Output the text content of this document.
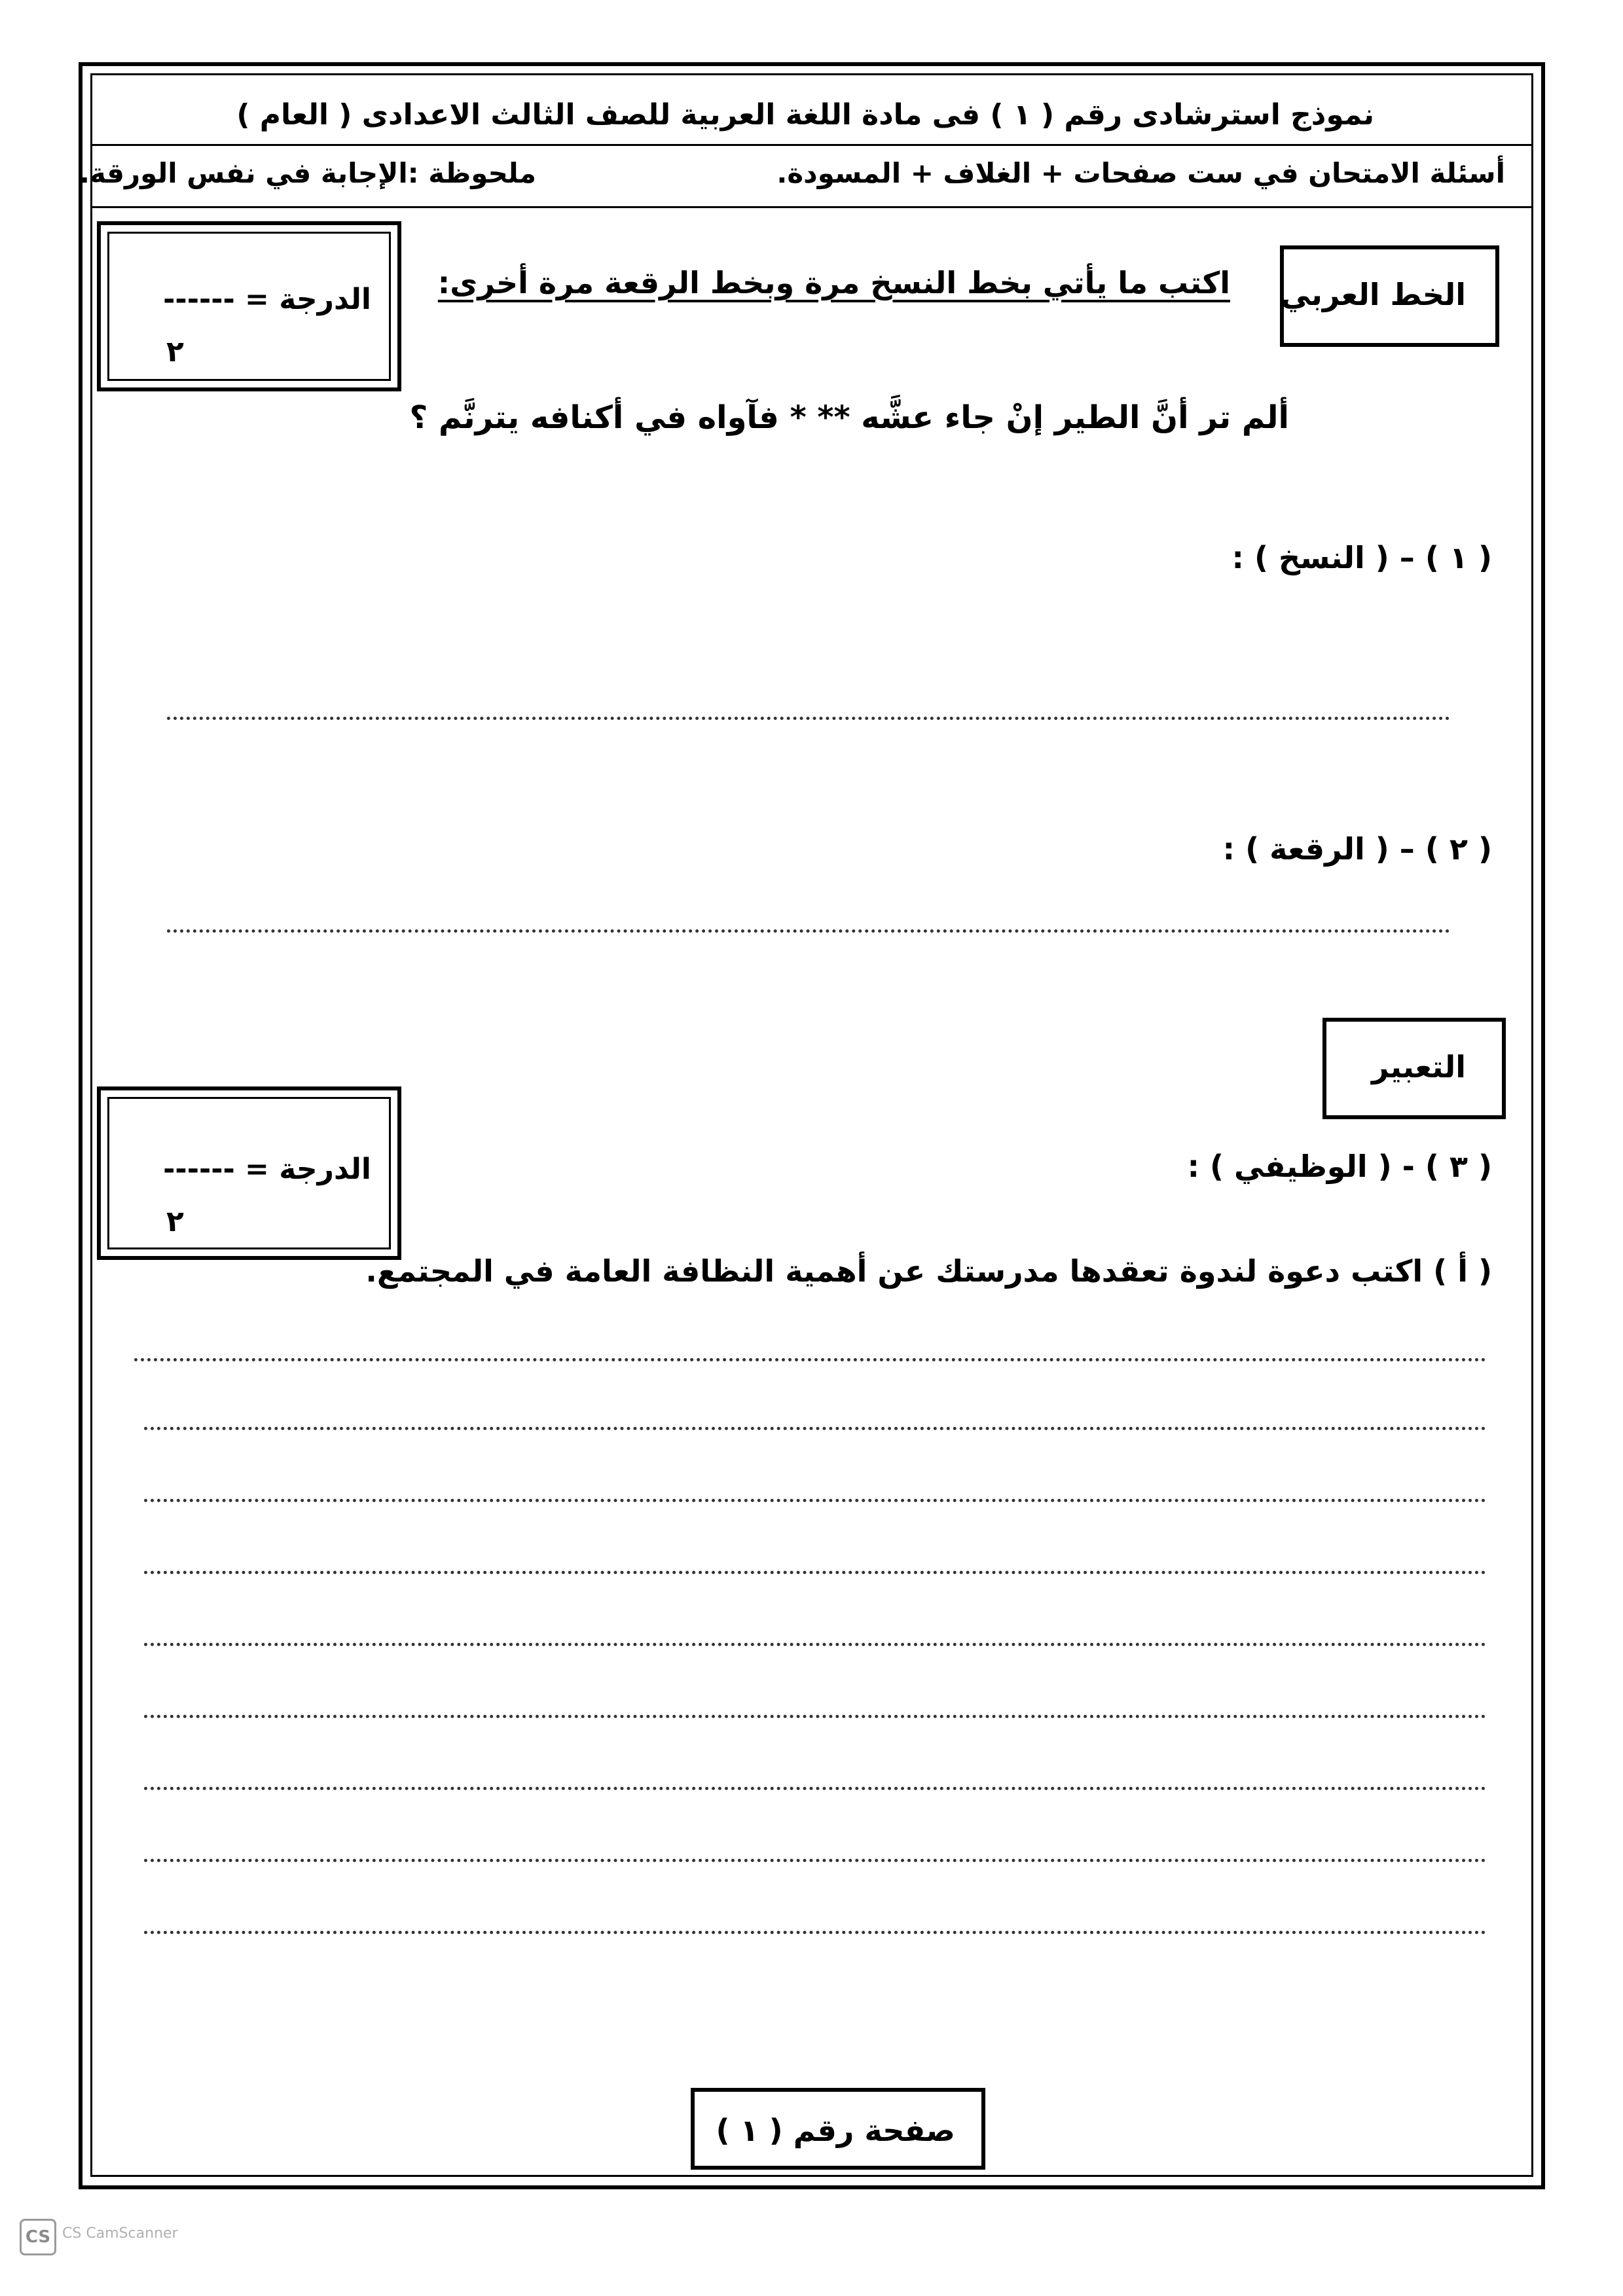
نموذج استرشادى رقم ( ١ ) فى مادة اللغة العربية للصف الثالث الاعدادى ( العام )
أسئلة الامتحان في ست صفحات + الغلاف + المسودة.
ملحوظة :الإجابة في نفس الورقة.
الخط العربي
اكتب ما يأتي بخط النسخ مرة وبخط الرقعة مرة أخرى:
الدرجة = ------
٢
ألم تر أنَّ الطير إنْ جاء عشَّه ** * فآواه في أكنافه يترنَّم ؟
( ١ ) – ( النسخ ) :
( ٢ ) – ( الرقعة ) :
التعبير
الدرجة = ------
٢
( ٣ ) - ( الوظيفي ) :
( أ ) اكتب دعوة لندوة تعقدها مدرستك عن أهمية النظافة العامة في المجتمع.
صفحة رقم ( ١ )
CS CS CamScanner
